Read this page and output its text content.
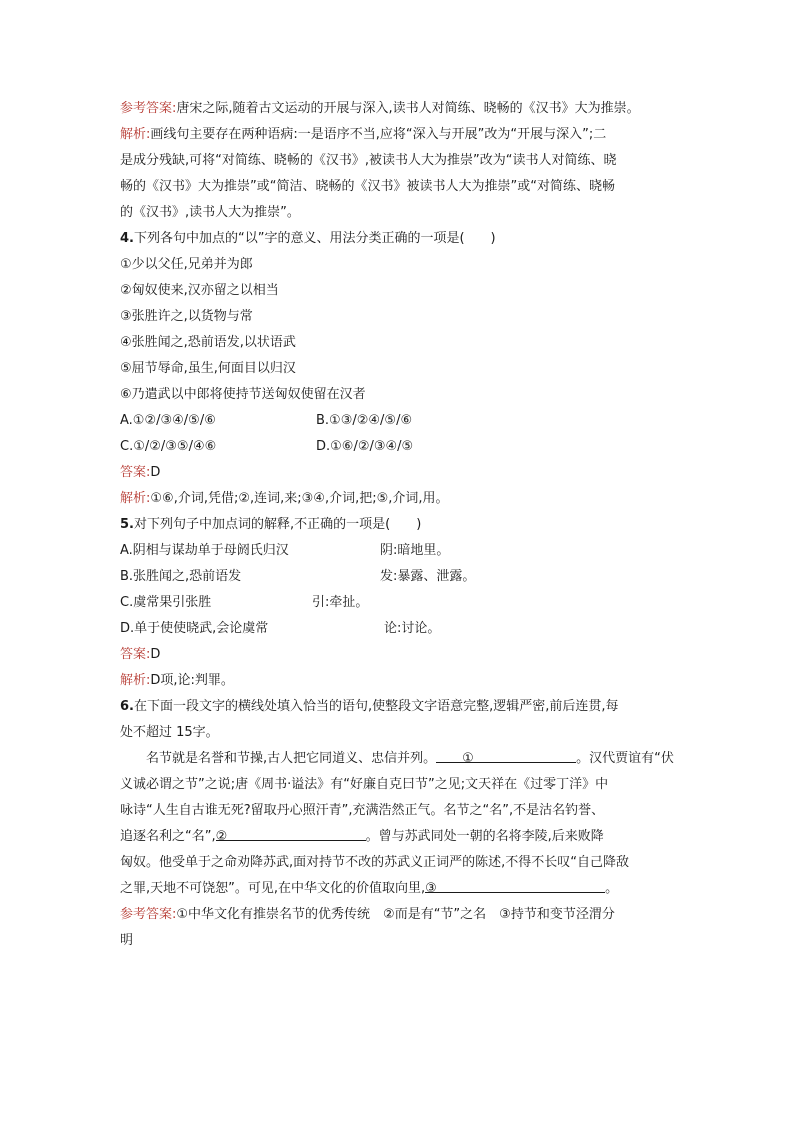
参考答案:唐宋之际,随着古文运动的开展与深入,读书人对简练、晓畅的《汉书》大为推崇。
解析:画线句主要存在两种语病:一是语序不当,应将“深入与开展”改为“开展与深入”;二
是成分残缺,可将“对简练、晓畅的《汉书》,被读书人大为推崇”改为“读书人对简练、晓
畅的《汉书》大为推崇”或“简洁、晓畅的《汉书》被读书人大为推崇”或“对简练、晓畅
的《汉书》,读书人大为推崇”。
4.下列各句中加点的“以”字的意义、用法分类正确的一项是(　　)
①少以父任,兄弟并为郎
②匈奴使来,汉亦留之以相当
③张胜许之,以货物与常
④张胜闻之,恐前语发,以状语武
⑤屈节辱命,虽生,何面目以归汉
⑥乃遣武以中郎将使持节送匈奴使留在汉者
A.①②/③④/⑤/⑥	B.①③/②④/⑤/⑥
C.①/②/③⑤/④⑥	D.①⑥/②/③④/⑤
答案:D
解析:①⑥,介词,凭借;②,连词,来;③④,介词,把;⑤,介词,用。
5.对下列句子中加点词的解释,不正确的一项是(　　)
A.阴相与谋劫单于母阏氏归汉	阴:暗地里。
B.张胜闻之,恐前语发	发:暴露、泄露。
C.虞常果引张胜	引:牵扯。
D.单于使使晓武,会论虞常	论:讨论。
答案:D
解析:D项,论:判罪。
6.在下面一段文字的横线处填入恰当的语句,使整段文字语意完整,逻辑严密,前后连贯,每
处不超过 15字。
名节就是名誉和节操,古人把它同道义、忠信并列。 ①	。汉代贾谊有“伏
义诚必谓之节”之说;唐《周书·谥法》有“好廉自克曰节”之见;文天祥在《过零丁洋》中
咏诗“人生自古谁无死?留取丹心照汗青”,充满浩然正气。名节之“名”,不是沽名钓誉、
追逐名利之“名”,②	。曾与苏武同处一朝的名将李陵,后来败降
匈奴。他受单于之命劝降苏武,面对持节不改的苏武义正词严的陈述,不得不长叹“自己降敌
之罪,天地不可饶恕”。可见,在中华文化的价值取向里,③	。
参考答案:①中华文化有推崇名节的优秀传统　②而是有“节”之名　③持节和变节泾渭分
明
